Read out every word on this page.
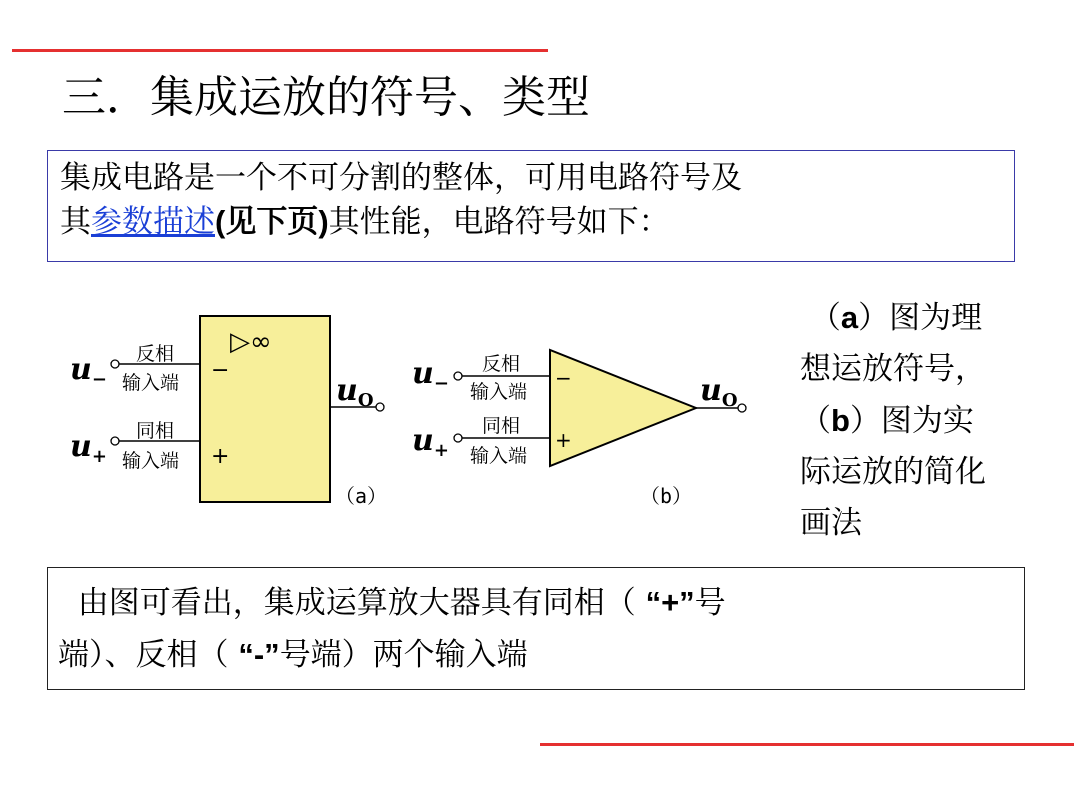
三．集成运放的符号、类型
集成电路是一个不可分割的整体，可用电路符号及
其参数描述(见下页)其性能，电路符号如下：
▷∞
−
+
反相
输入端
同相
输入端
$u_-$
$u_+$
$u_O$
（a）
−
+
反相
输入端
同相
输入端
$u_-$
$u_+$
$u_O$
（b）
（a）图为理
想运放符号，
（b）图为实
际运放的简化
画法
由图可看出，集成运算放大器具有同相（ “+”号
端）、反相（ “-”号端）两个输入端
